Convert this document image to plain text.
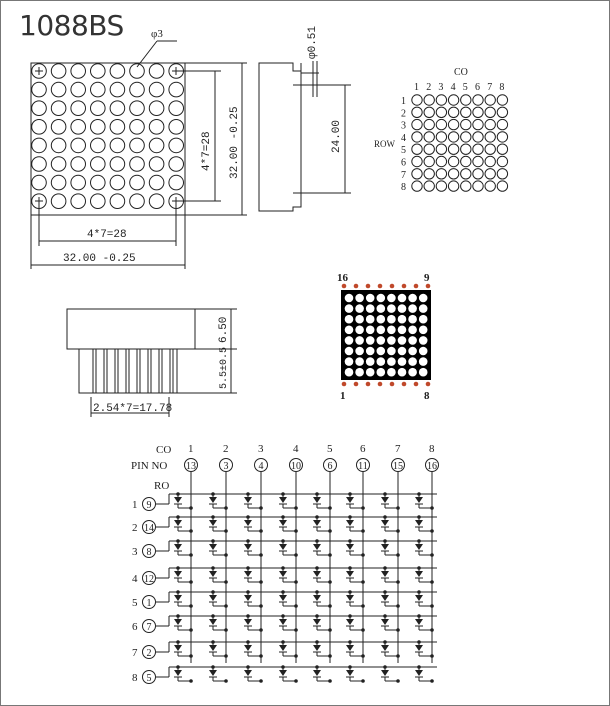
1088BS φ3
4*7=28
32.00 -0.25
4*7=28 32.00 -0.25
φ0.51
24.00
CO
ROW
1 2 3 4 5 6 7 8
1
2
3
4
5
6
7
8
6.50
5.5±0.5
2.54*7=17.78
16	9
1	8
CO
PIN NO
RO
1
13
2
3
3
4
4
10
5
6
6
11
7
15
8
16
1 9
2 14
3 8
4 12
5 1
6 7
7 2
8 5
